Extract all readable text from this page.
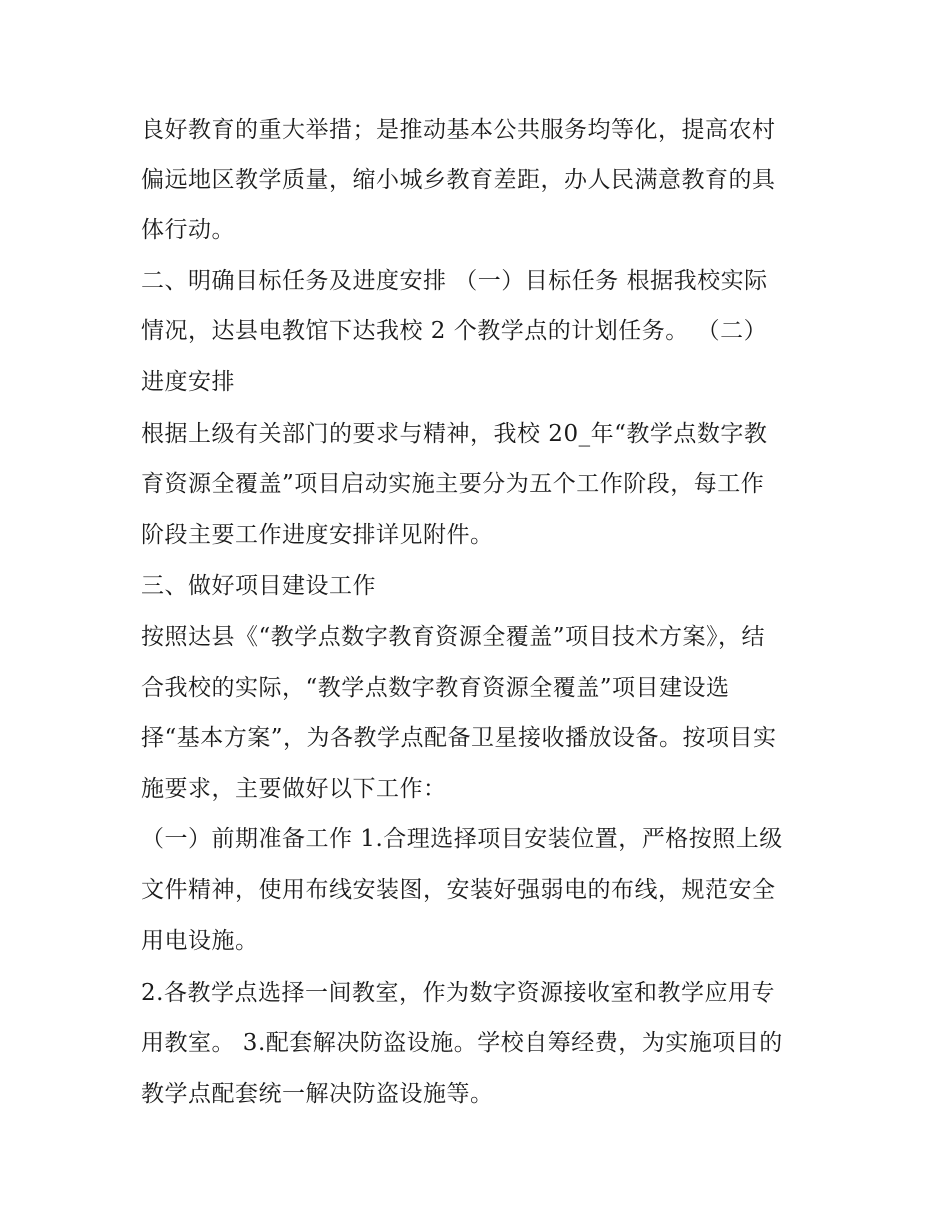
良好教育的重大举措；是推动基本公共服务均等化，提高农村
偏远地区教学质量，缩小城乡教育差距，办人民满意教育的具
体行动。
二、明确目标任务及进度安排 （一）目标任务 根据我校实际
情况，达县电教馆下达我校 2 个教学点的计划任务。 （二）
进度安排
根据上级有关部门的要求与精神，我校 20_年“教学点数字教
育资源全覆盖”项目启动实施主要分为五个工作阶段，每工作
阶段主要工作进度安排详见附件。
三、做好项目建设工作
按照达县《“教学点数字教育资源全覆盖”项目技术方案》，结
合我校的实际，“教学点数字教育资源全覆盖”项目建设选
择“基本方案”，为各教学点配备卫星接收播放设备。按项目实
施要求，主要做好以下工作：
（一）前期准备工作 1.合理选择项目安装位置，严格按照上级
文件精神，使用布线安装图，安装好强弱电的布线，规范安全
用电设施。
2.各教学点选择一间教室，作为数字资源接收室和教学应用专
用教室。 3.配套解决防盗设施。学校自筹经费，为实施项目的
教学点配套统一解决防盗设施等。
